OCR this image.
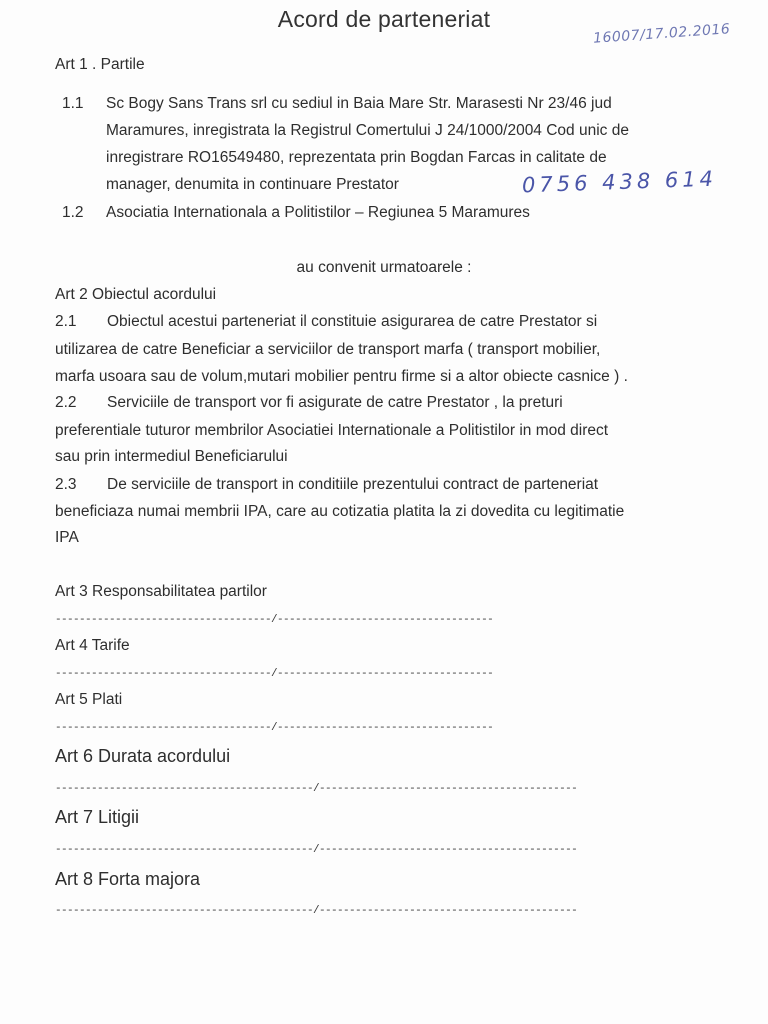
Acord de parteneriat
16007/17.02.2016
Art 1 . Partile
1.1 Sc Bogy Sans Trans srl cu sediul in Baia Mare Str. Marasesti Nr 23/46 jud
Maramures, inregistrata la Registrul Comertului J 24/1000/2004 Cod unic de
inregistrare RO16549480, reprezentata prin Bogdan Farcas in calitate de
manager, denumita in continuare Prestator	0756 438 614
1.2 Asociatia Internationala a Politistilor – Regiunea 5 Maramures
au convenit urmatoarele :
Art 2 Obiectul acordului
2.1 Obiectul acestui parteneriat il constituie asigurarea de catre Prestator si
utilizarea de catre Beneficiar a serviciilor de transport marfa ( transport mobilier,
marfa usoara sau de volum,mutari mobilier pentru firme si a altor obiecte casnice ) .
2.2 Serviciile de transport vor fi asigurate de catre Prestator , la preturi
preferentiale tuturor membrilor Asociatiei Internationale a Politistilor in mod direct
sau prin intermediul Beneficiarului
2.3 De serviciile de transport in conditiile prezentului contract de parteneriat
beneficiaza numai membrii IPA, care au cotizatia platita la zi dovedita cu legitimatie
IPA
Art 3 Responsabilitatea partilor
------------------------------------/------------------------------------
Art 4 Tarife
------------------------------------/------------------------------------
Art 5 Plati
------------------------------------/------------------------------------
Art 6 Durata acordului
-------------------------------------------/-------------------------------------------
Art 7 Litigii
-------------------------------------------/-------------------------------------------
Art 8 Forta majora
-------------------------------------------/-------------------------------------------
